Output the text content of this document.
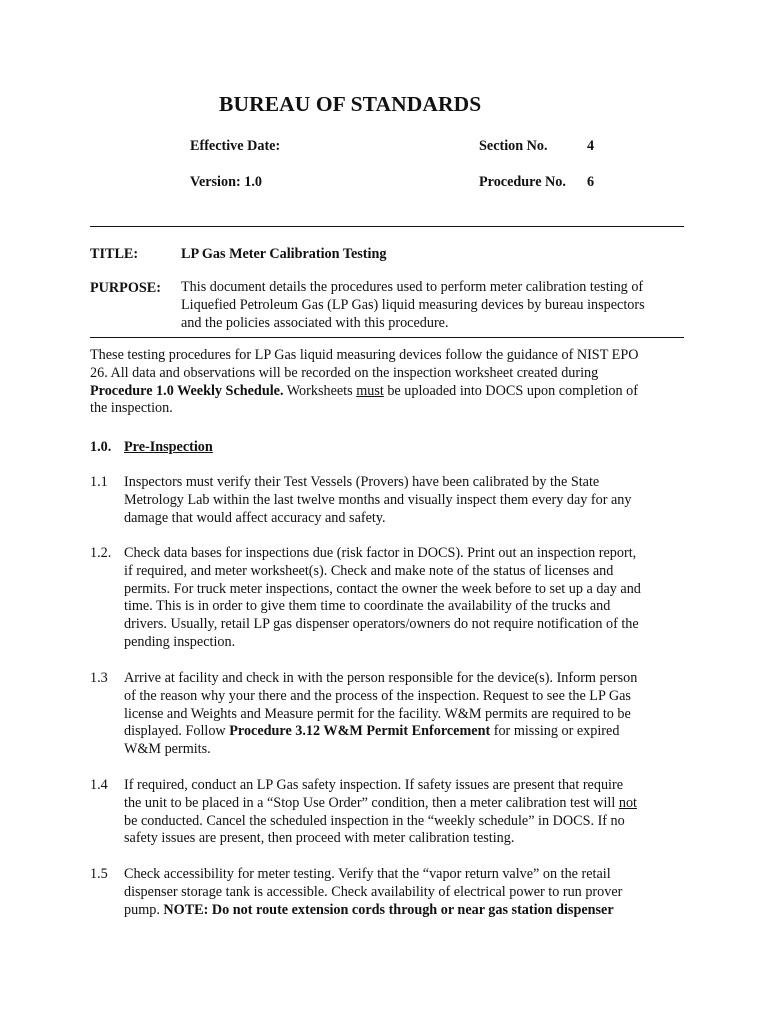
BUREAU OF STANDARDS
Effective Date:
Version: 1.0
Section No.	4
Procedure No. 6
TITLE:	LP Gas Meter Calibration Testing
PURPOSE: This document details the procedures used to perform meter calibration testing of
Liquefied Petroleum Gas (LP Gas) liquid measuring devices by bureau inspectors
and the policies associated with this procedure.
These testing procedures for LP Gas liquid measuring devices follow the guidance of NIST EPO
26. All data and observations will be recorded on the inspection worksheet created during
Procedure 1.0 Weekly Schedule. Worksheets must be uploaded into DOCS upon completion of
the inspection.
1.0. Pre-Inspection
1.1 Inspectors must verify their Test Vessels (Provers) have been calibrated by the State
Metrology Lab within the last twelve months and visually inspect them every day for any
damage that would affect accuracy and safety.
1.2. Check data bases for inspections due (risk factor in DOCS). Print out an inspection report,
if required, and meter worksheet(s). Check and make note of the status of licenses and
permits. For truck meter inspections, contact the owner the week before to set up a day and
time. This is in order to give them time to coordinate the availability of the trucks and
drivers. Usually, retail LP gas dispenser operators/owners do not require notification of the
pending inspection.
1.3 Arrive at facility and check in with the person responsible for the device(s). Inform person
of the reason why your there and the process of the inspection. Request to see the LP Gas
license and Weights and Measure permit for the facility. W&M permits are required to be
displayed. Follow Procedure 3.12 W&M Permit Enforcement for missing or expired
W&M permits.
1.4 If required, conduct an LP Gas safety inspection. If safety issues are present that require
the unit to be placed in a “Stop Use Order” condition, then a meter calibration test will not
be conducted. Cancel the scheduled inspection in the “weekly schedule” in DOCS. If no
safety issues are present, then proceed with meter calibration testing.
1.5 Check accessibility for meter testing. Verify that the “vapor return valve” on the retail
dispenser storage tank is accessible. Check availability of electrical power to run prover
pump. NOTE: Do not route extension cords through or near gas station dispenser
